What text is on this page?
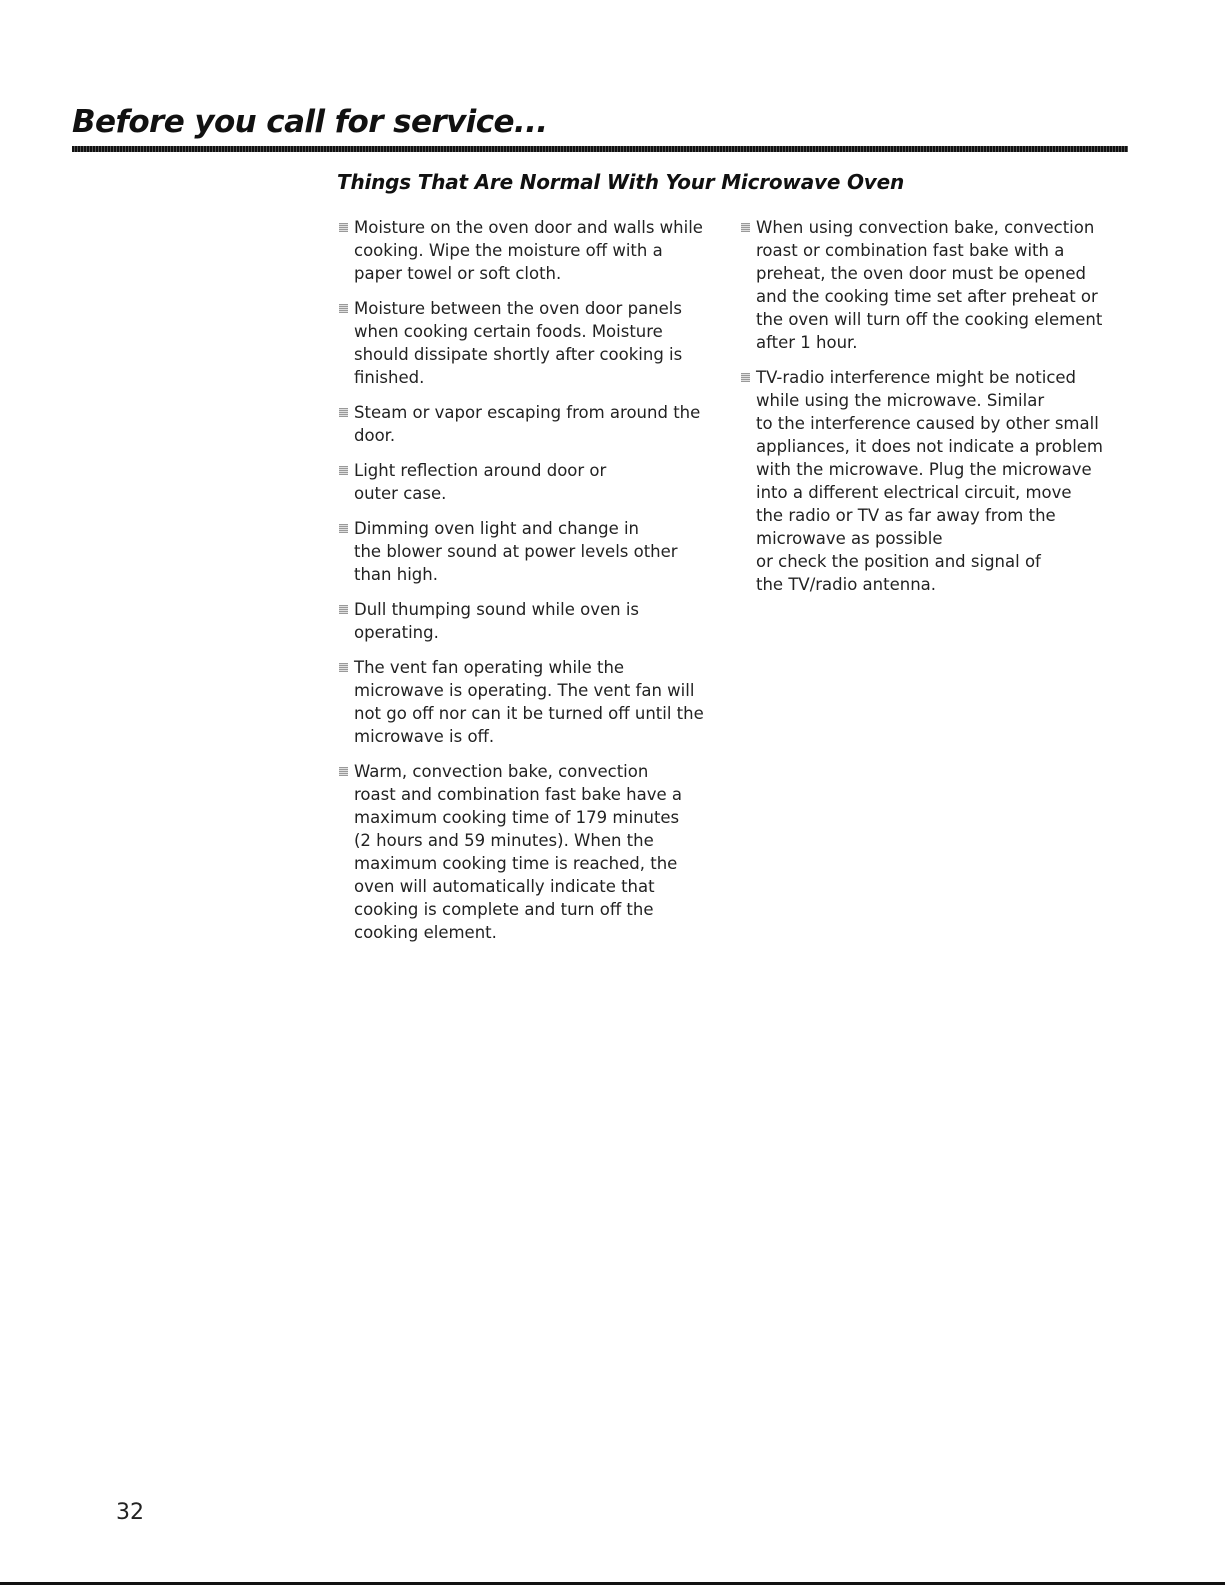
Before you call for service...
Things That Are Normal With Your Microwave Oven
Moisture on the oven door and walls while
cooking. Wipe the moisture off with a
paper towel or soft cloth.
Moisture between the oven door panels
when cooking certain foods. Moisture
should dissipate shortly after cooking is
finished.
Steam or vapor escaping from around the
door.
Light reflection around door or
outer case.
Dimming oven light and change in
the blower sound at power levels other
than high.
Dull thumping sound while oven is
operating.
The vent fan operating while the
microwave is operating. The vent fan will
not go off nor can it be turned off until the
microwave is off.
Warm, convection bake, convection
roast and combination fast bake have a
maximum cooking time of 179 minutes
(2 hours and 59 minutes). When the
maximum cooking time is reached, the
oven will automatically indicate that
cooking is complete and turn off the
cooking element.
When using convection bake, convection
roast or combination fast bake with a
preheat, the oven door must be opened
and the cooking time set after preheat or
the oven will turn off the cooking element
after 1 hour.
TV-radio interference might be noticed
while using the microwave. Similar
to the interference caused by other small
appliances, it does not indicate a problem
with the microwave. Plug the microwave
into a different electrical circuit, move
the radio or TV as far away from the
microwave as possible
or check the position and signal of
the TV/radio antenna.
32
